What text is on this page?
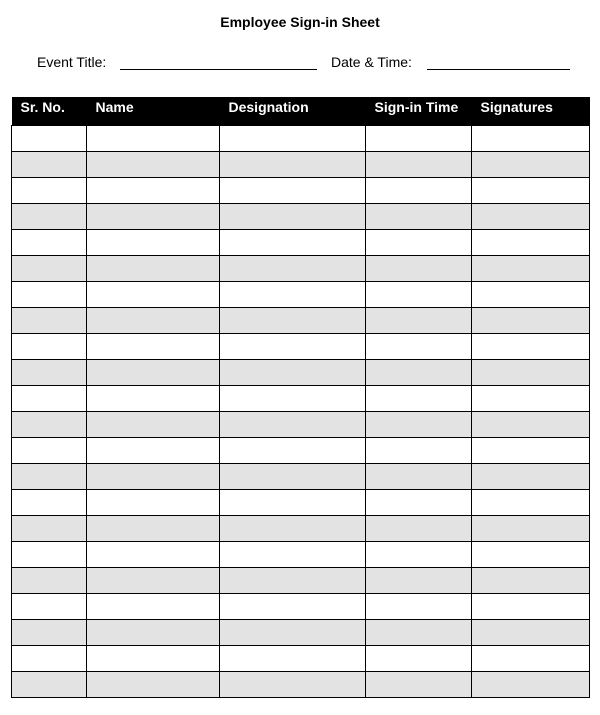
Employee Sign-in Sheet
Event Title:	Date & Time:
Sr. No.	Name	Designation	Sign-in Time	Signatures
